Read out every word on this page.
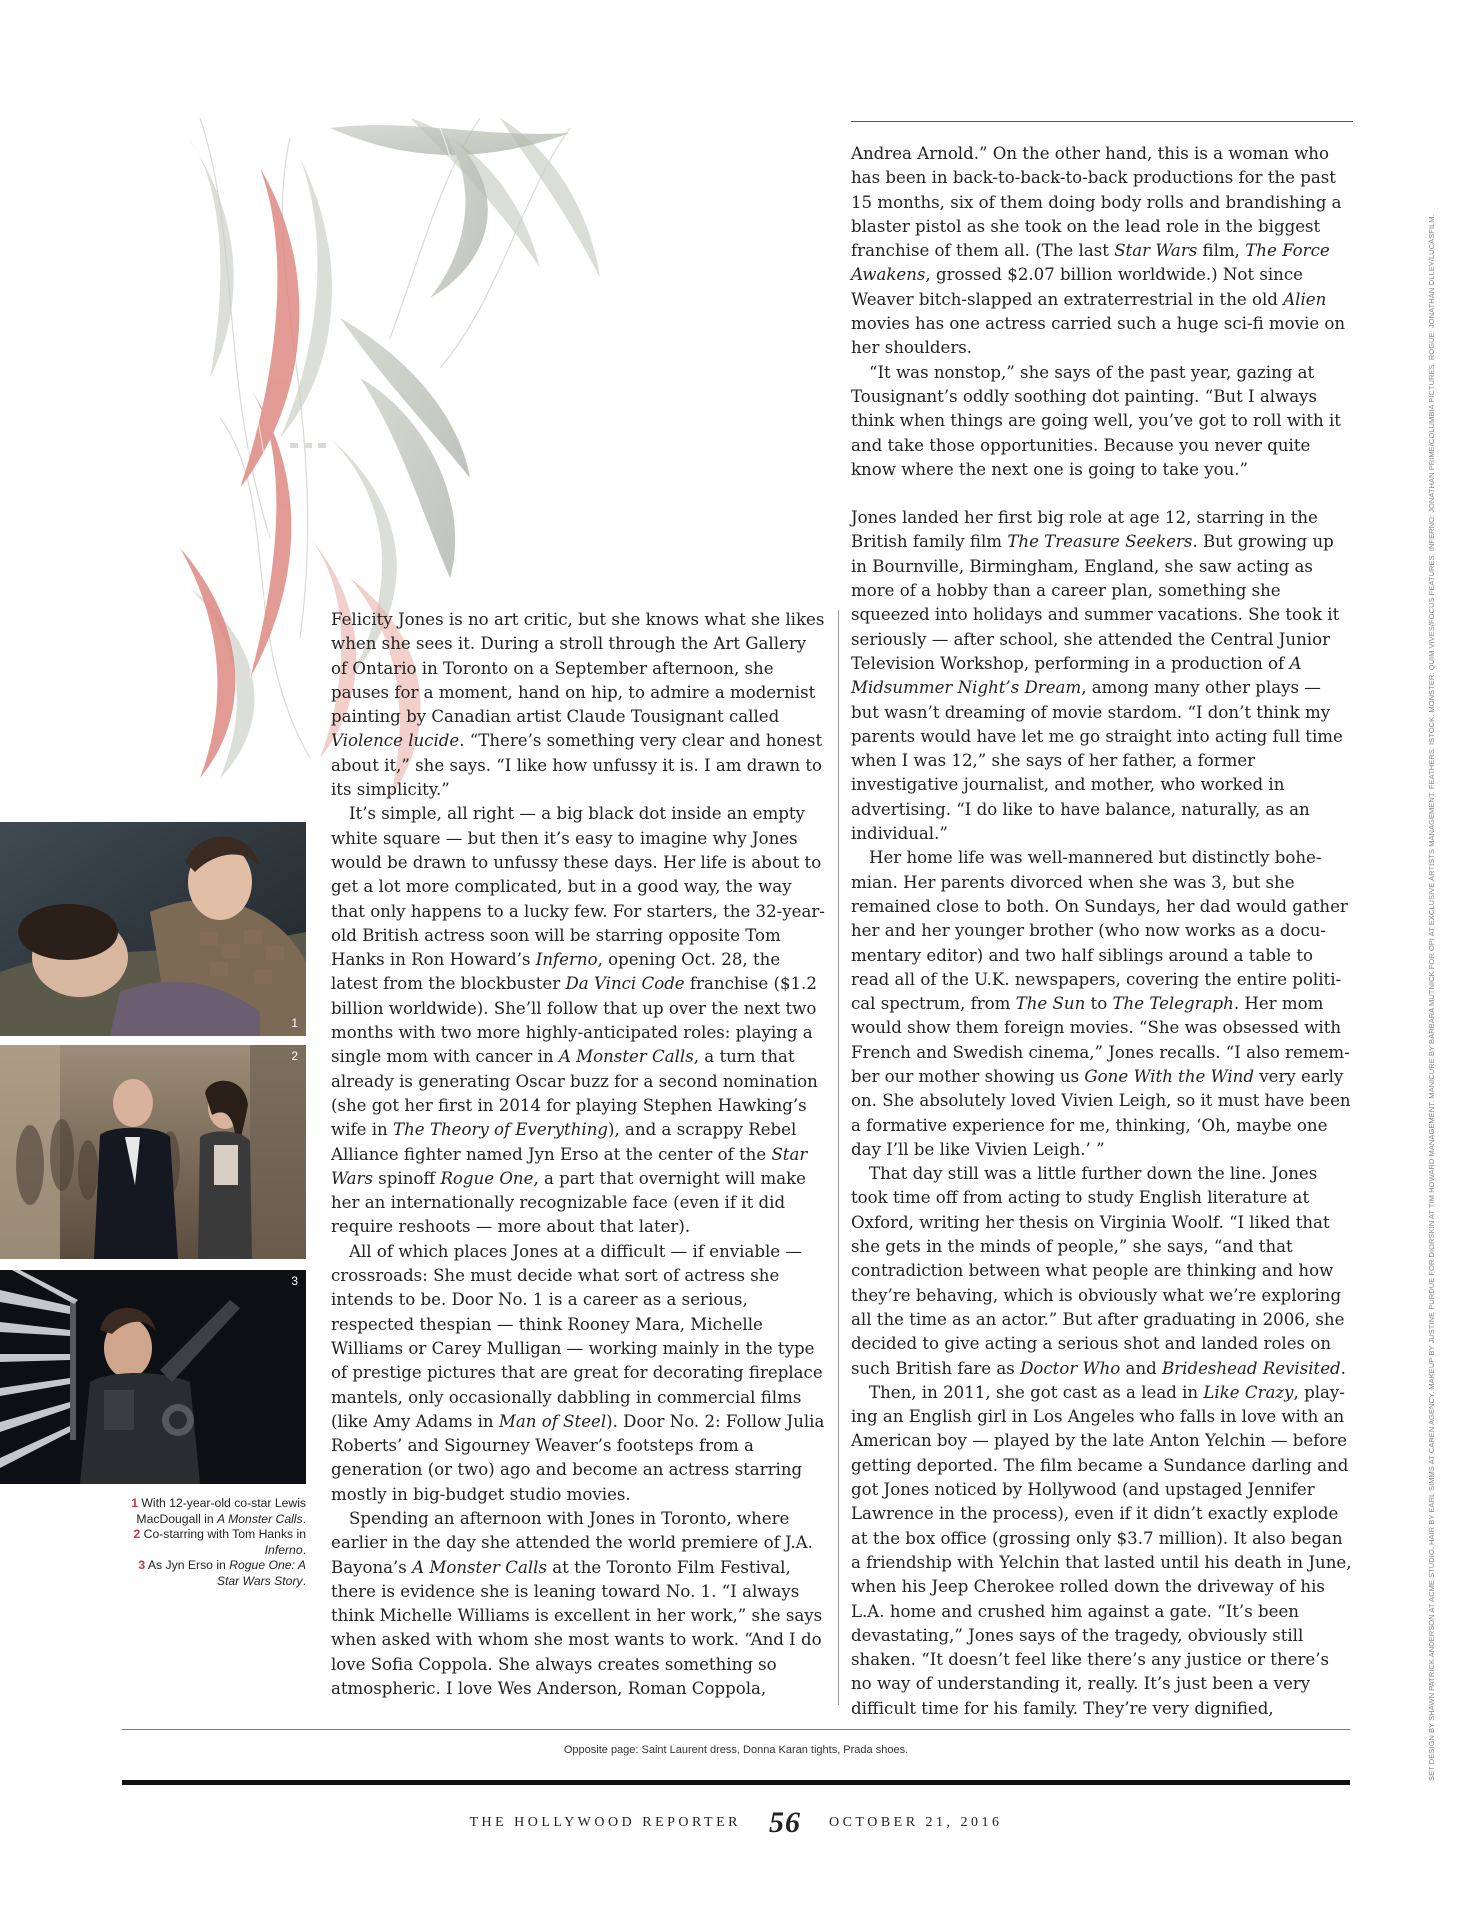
1
2
3
1 With 12-year-old co-star Lewis MacDougall in A Monster Calls.
2 Co-starring with Tom Hanks in Inferno.
3 As Jyn Erso in Rogue One: A Star Wars Story.

Felicity Jones is no art critic, but she knows what she likes when she sees it. During a stroll through the Art Gallery of Ontario in Toronto on a September afternoon, she pauses for a moment, hand on hip, to admire a modernist painting by Canadian artist Claude Tousignant called Violence lucide. “There’s something very clear and honest about it,” she says. “I like how unfussy it is. I am drawn to its simplicity.”

It’s simple, all right — a big black dot inside an empty white square — but then it’s easy to imagine why Jones would be drawn to unfussy these days. Her life is about to get a lot more complicated, but in a good way, the way that only happens to a lucky few. For starters, the 32-year-old British actress soon will be starring opposite Tom Hanks in Ron Howard’s Inferno, opening Oct. 28, the latest from the blockbuster Da Vinci Code franchise ($1.2 billion worldwide). She’ll follow that up over the next two months with two more highly-anticipated roles: playing a single mom with cancer in A Monster Calls, a turn that already is generating Oscar buzz for a second nomination (she got her first in 2014 for playing Stephen Hawking’s wife in The Theory of Everything), and a scrappy Rebel Alliance fighter named Jyn Erso at the center of the Star Wars spinoff Rogue One, a part that overnight will make her an internationally recognizable face (even if it did require reshoots — more about that later).

All of which places Jones at a difficult — if enviable — crossroads: She must decide what sort of actress she intends to be. Door No. 1 is a career as a serious, respected thespian — think Rooney Mara, Michelle Williams or Carey Mulligan — working mainly in the type of prestige pictures that are great for decorating fireplace mantels, only occasionally dabbling in commercial films (like Amy Adams in Man of Steel). Door No. 2: Follow Julia Roberts’ and Sigourney Weaver’s footsteps from a generation (or two) ago and become an actress starring mostly in big-budget studio movies.

Spending an afternoon with Jones in Toronto, where earlier in the day she attended the world premiere of J.A. Bayona’s A Monster Calls at the Toronto Film Festival, there is evidence she is leaning toward No. 1. “I always think Michelle Williams is excellent in her work,” she says when asked with whom she most wants to work. “And I do love Sofia Coppola. She always creates something so atmospheric. I love Wes Anderson, Roman Coppola,

Andrea Arnold.” On the other hand, this is a woman who has been in back-to-back-to-back productions for the past 15 months, six of them doing body rolls and brandishing a blaster pistol as she took on the lead role in the biggest franchise of them all. (The last Star Wars film, The Force Awakens, grossed $2.07 billion worldwide.) Not since Weaver bitch-slapped an extraterrestrial in the old Alien movies has one actress carried such a huge sci-fi movie on her shoulders.

“It was nonstop,” she says of the past year, gazing at Tousignant’s oddly soothing dot painting. “But I always think when things are going well, you’ve got to roll with it and take those opportunities. Because you never quite know where the next one is going to take you.”

Jones landed her first big role at age 12, starring in the British family film The Treasure Seekers. But growing up in Bournville, Birmingham, England, she saw acting as more of a hobby than a career plan, something she squeezed into holidays and summer vacations. She took it seriously — after school, she attended the Central Junior Television Workshop, performing in a production of A Midsummer Night’s Dream, among many other plays — but wasn’t dreaming of movie stardom. “I don’t think my parents would have let me go straight into acting full time when I was 12,” she says of her father, a former investigative journalist, and mother, who worked in advertising. “I do like to have balance, naturally, as an individual.”

Her home life was well-mannered but distinctly bohemian. Her parents divorced when she was 3, but she remained close to both. On Sundays, her dad would gather her and her younger brother (who now works as a documentary editor) and two half siblings around a table to read all of the U.K. newspapers, covering the entire political spectrum, from The Sun to The Telegraph. Her mom would show them foreign movies. “She was obsessed with French and Swedish cinema,” Jones recalls. “I also remember our mother showing us Gone With the Wind very early on. She absolutely loved Vivien Leigh, so it must have been a formative experience for me, thinking, ‘Oh, maybe one day I’ll be like Vivien Leigh.’ ”

That day still was a little further down the line. Jones took time off from acting to study English literature at Oxford, writing her thesis on Virginia Woolf. “I liked that she gets in the minds of people,” she says, “and that contradiction between what people are thinking and how they’re behaving, which is obviously what we’re exploring all the time as an actor.” But after graduating in 2006, she decided to give acting a serious shot and landed roles on such British fare as Doctor Who and Brideshead Revisited.

Then, in 2011, she got cast as a lead in Like Crazy, playing an English girl in Los Angeles who falls in love with an American boy — played by the late Anton Yelchin — before getting deported. The film became a Sundance darling and got Jones noticed by Hollywood (and upstaged Jennifer Lawrence in the process), even if it didn’t exactly explode at the box office (grossing only $3.7 million). It also began a friendship with Yelchin that lasted until his death in June, when his Jeep Cherokee rolled down the driveway of his L.A. home and crushed him against a gate. “It’s been devastating,” Jones says of the tragedy, obviously still shaken. “It doesn’t feel like there’s any justice or there’s no way of understanding it, really. It’s just been a very difficult time for his family. They’re very dignified,	SET DESIGN BY SHAWN PATRICK ANDERSON AT ACME STUDIO. HAIR BY EARL SIMMS AT CAREN AGENCY. MAKEUP BY JUSTINE PURDUE FOR DIORSKIN AT TIM HOWARD MANAGEMENT. MANICURE BY BARBARA MUTNICK FOR OPI AT EXCLUSIVE ARTISTS MANAGEMENT. FEATHERS: ISTOCK. MONSTER: QUIM VIVES/FOCUS FEATURES. INFERNO: JONATHAN PRIME/COLUMBIA PICTURES. ROGUE: JONATHAN OLLEY/LUCASFILM.
Opposite page: Saint Laurent dress, Donna Karan tights, Prada shoes.
THE HOLLYWOOD REPORTER 56 OCTOBER 21, 2016
